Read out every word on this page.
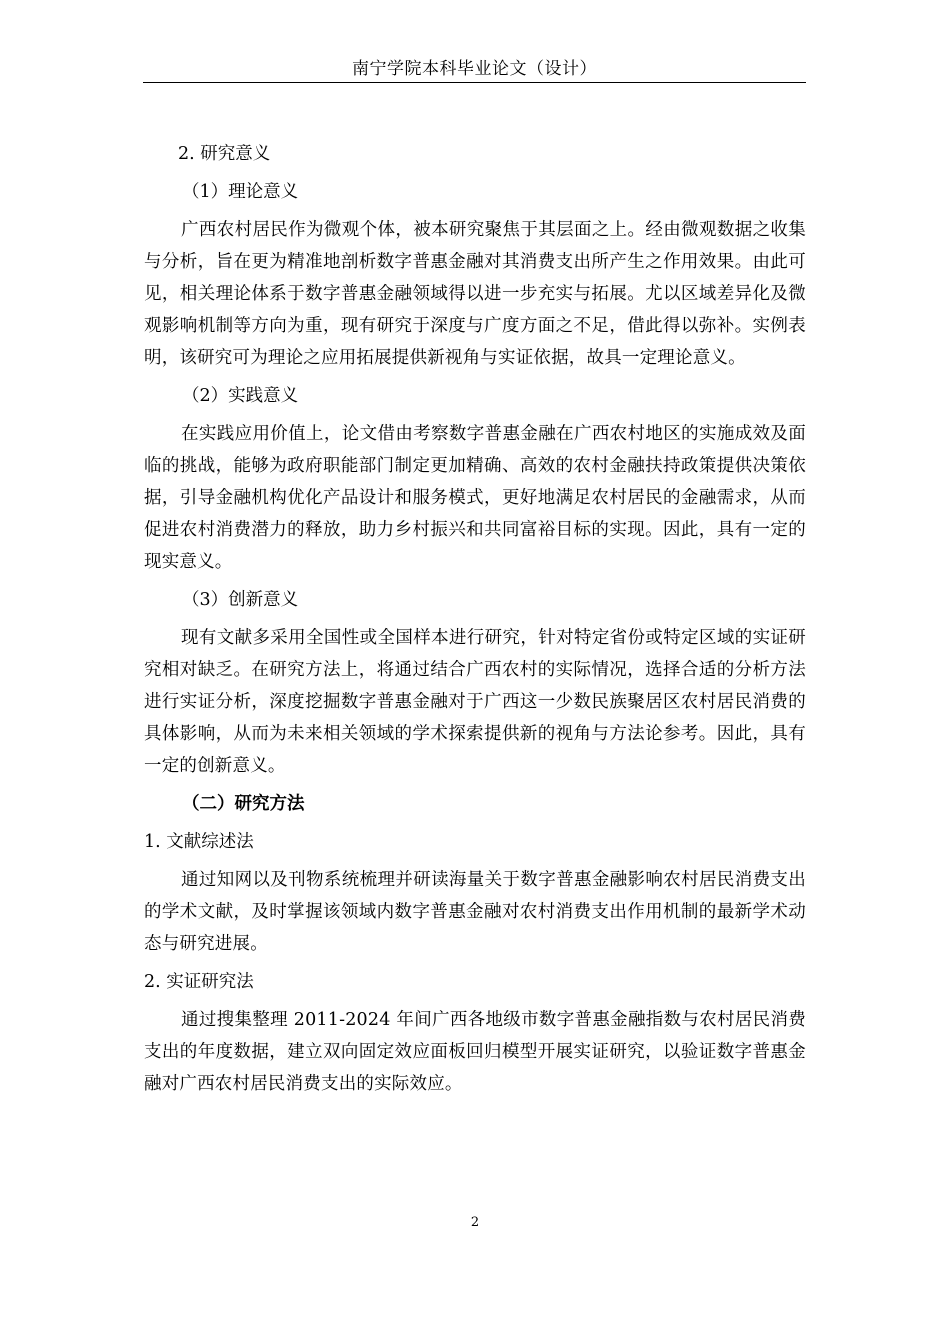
南宁学院本科毕业论文（设计）
2. 研究意义
（1）理论意义

广西农村居民作为微观个体，被本研究聚焦于其层面之上。经由微观数据之收集与分析，旨在更为精准地剖析数字普惠金融对其消费支出所产生之作用效果。由此可见，相关理论体系于数字普惠金融领域得以进一步充实与拓展。尤以区域差异化及微观影响机制等方向为重，现有研究于深度与广度方面之不足，借此得以弥补。实例表明，该研究可为理论之应用拓展提供新视角与实证依据，故具一定理论意义。

（2）实践意义

在实践应用价值上，论文借由考察数字普惠金融在广西农村地区的实施成效及面临的挑战，能够为政府职能部门制定更加精确、高效的农村金融扶持政策提供决策依据，引导金融机构优化产品设计和服务模式，更好地满足农村居民的金融需求，从而促进农村消费潜力的释放，助力乡村振兴和共同富裕目标的实现。因此，具有一定的现实意义。

（3）创新意义

现有文献多采用全国性或全国样本进行研究，针对特定省份或特定区域的实证研究相对缺乏。在研究方法上，将通过结合广西农村的实际情况，选择合适的分析方法进行实证分析，深度挖掘数字普惠金融对于广西这一少数民族聚居区农村居民消费的具体影响，从而为未来相关领域的学术探索提供新的视角与方法论参考。因此，具有一定的创新意义。

（二）研究方法
1. 文献综述法

通过知网以及刊物系统梳理并研读海量关于数字普惠金融影响农村居民消费支出的学术文献，及时掌握该领域内数字普惠金融对农村消费支出作用机制的最新学术动态与研究进展。

2. 实证研究法

通过搜集整理 2011-2024 年间广西各地级市数字普惠金融指数与农村居民消费支出的年度数据，建立双向固定效应面板回归模型开展实证研究，以验证数字普惠金融对广西农村居民消费支出的实际效应。

2
